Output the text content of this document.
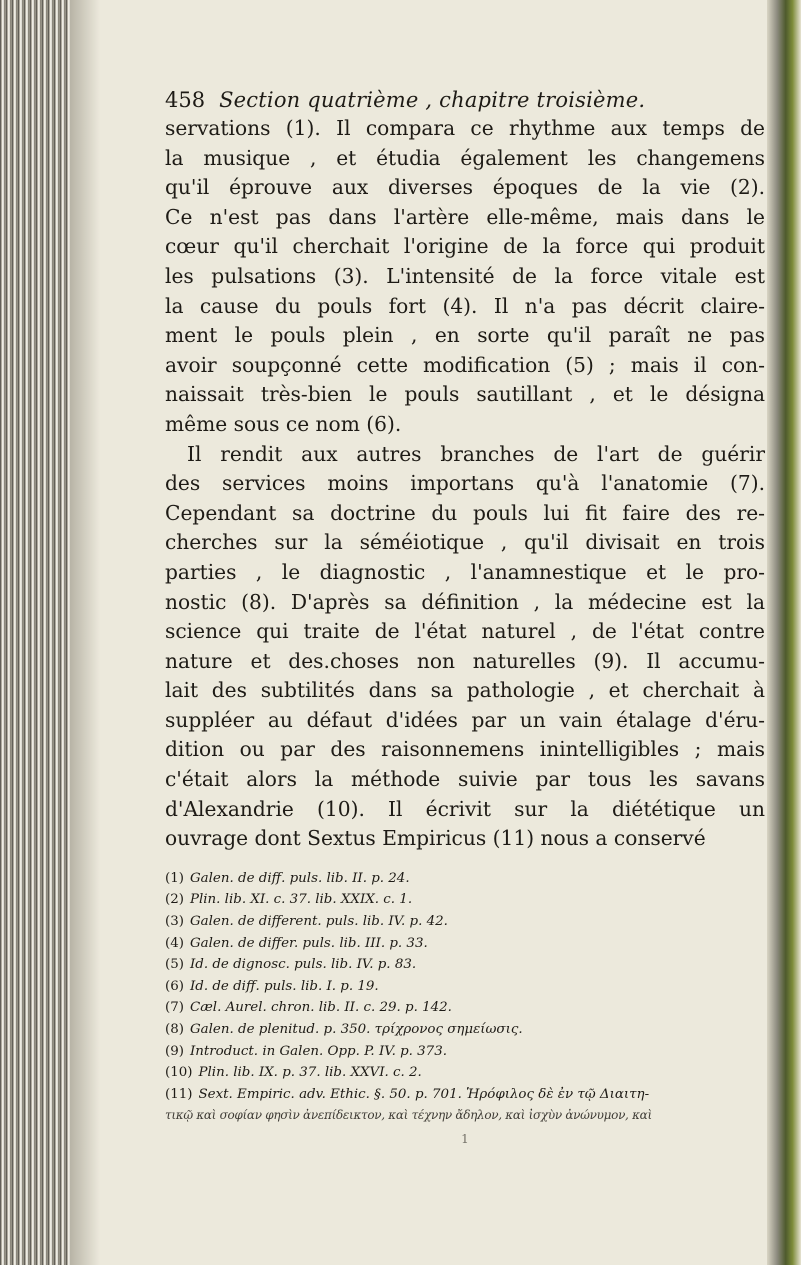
458 Section quatrième , chapitre troisième.

servations (1). Il compara ce rhythme aux temps de
la musique , et étudia également les changemens
qu'il éprouve aux diverses époques de la vie (2).
Ce n'est pas dans l'artère elle-même, mais dans le
cœur qu'il cherchait l'origine de la force qui produit
les pulsations (3). L'intensité de la force vitale est
la cause du pouls fort (4). Il n'a pas décrit claire-
ment le pouls plein , en sorte qu'il paraît ne pas
avoir soupçonné cette modification (5) ; mais il con-
naissait très-bien le pouls sautillant , et le désigna
même sous ce nom (6).
Il rendit aux autres branches de l'art de guérir
des services moins importans qu'à l'anatomie (7).
Cependant sa doctrine du pouls lui fit faire des re-
cherches sur la séméiotique , qu'il divisait en trois
parties , le diagnostic , l'anamnestique et le pro-
nostic (8). D'après sa définition , la médecine est la
science qui traite de l'état naturel , de l'état contre
nature et des.choses non naturelles (9). Il accumu-
lait des subtilités dans sa pathologie , et cherchait à
suppléer au défaut d'idées par un vain étalage d'éru-
dition ou par des raisonnemens inintelligibles ; mais
c'était alors la méthode suivie par tous les savans
d'Alexandrie (10). Il écrivit sur la diététique un
ouvrage dont Sextus Empiricus (11) nous a conservé

(1) Galen. de diff. puls. lib. II. p. 24.
(2) Plin. lib. XI. c. 37. lib. XXIX. c. 1.
(3) Galen. de different. puls. lib. IV. p. 42.
(4) Galen. de differ. puls. lib. III. p. 33.
(5) Id. de dignosc. puls. lib. IV. p. 83.
(6) Id. de diff. puls. lib. I. p. 19.
(7) Cæl. Aurel. chron. lib. II. c. 29. p. 142.
(8) Galen. de plenitud. p. 350. τρίχρονος σημείωσις.
(9) Introduct. in Galen. Opp. P. IV. p. 373.
(10) Plin. lib. IX. p. 37. lib. XXVI. c. 2.
(11) Sext. Empiric. adv. Ethic. §. 50. p. 701. Ἡρόφιλος δὲ ἐν τῷ Διαιτη-
τικῷ καὶ σοφίαν φησὶν ἀνεπίδεικτον, καὶ τέχνην ἄδηλον, καὶ ἰσχὺν ἀνώνυμον, καὶ
1
